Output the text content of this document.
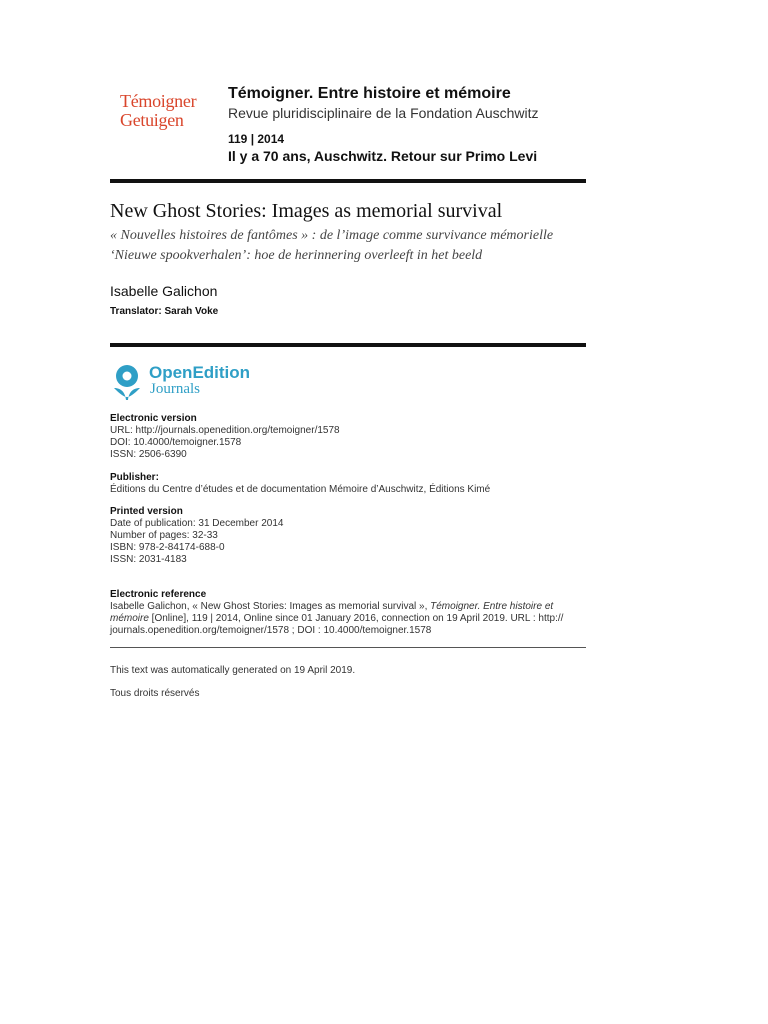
Témoigner
Getuigen
Témoigner. Entre histoire et mémoire
Revue pluridisciplinaire de la Fondation Auschwitz
119 | 2014
Il y a 70 ans, Auschwitz. Retour sur Primo Levi
New Ghost Stories: Images as memorial survival
« Nouvelles histoires de fantômes » : de l’image comme survivance mémorielle
‘Nieuwe spookverhalen’: hoe de herinnering overleeft in het beeld
Isabelle Galichon
Translator: Sarah Voke
OpenEdition
Journals
Electronic version
URL: http://journals.openedition.org/temoigner/1578
DOI: 10.4000/temoigner.1578
ISSN: 2506-6390
Publisher:
Éditions du Centre d’études et de documentation Mémoire d’Auschwitz, Éditions Kimé
Printed version
Date of publication: 31 December 2014
Number of pages: 32-33
ISBN: 978-2-84174-688-0
ISSN: 2031-4183
Electronic reference
Isabelle Galichon, « New Ghost Stories: Images as memorial survival », Témoigner. Entre histoire et
mémoire [Online], 119 | 2014, Online since 01 January 2016, connection on 19 April 2019. URL : http://
journals.openedition.org/temoigner/1578 ; DOI : 10.4000/temoigner.1578
This text was automatically generated on 19 April 2019.
Tous droits réservés
